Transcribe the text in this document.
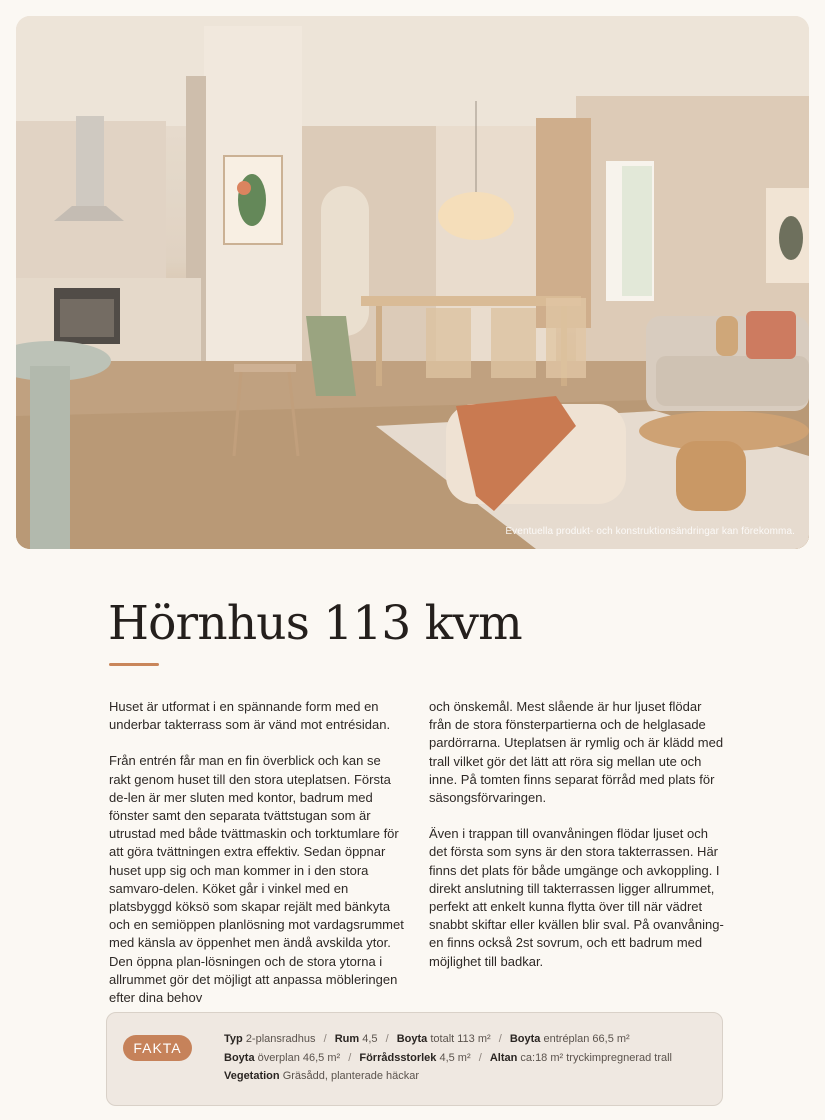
Eventuella produkt- och konstruktionsändringar kan förekomma.
Hörnhus 113 kvm

Huset är utformat i en spännande form med en underbar takterrass som är vänd mot entrésidan.

Från entrén får man en fin överblick och kan se rakt genom huset till den stora uteplatsen. Första de-len är mer sluten med kontor, badrum med fönster samt den separata tvättstugan som är utrustad med både tvättmaskin och torktumlare för att göra tvättningen extra effektiv. Sedan öppnar huset upp sig och man kommer in i den stora samvaro-delen. Köket går i vinkel med en platsbyggd köksö som skapar rejält med bänkyta och en semiöppen planlösning mot vardagsrummet med känsla av öppenhet men ändå avskilda ytor. Den öppna plan-lösningen och de stora ytorna i allrummet gör det möjligt att anpassa möbleringen efter dina behov

och önskemål. Mest slående är hur ljuset flödar från de stora fönsterpartierna och de helglasade pardörrarna. Uteplatsen är rymlig och är klädd med trall vilket gör det lätt att röra sig mellan ute och inne. På tomten finns separat förråd med plats för säsongsförvaringen.

Även i trappan till ovanvåningen flödar ljuset och det första som syns är den stora takterrassen. Här finns det plats för både umgänge och avkoppling. I direkt anslutning till takterrassen ligger allrummet, perfekt att enkelt kunna flytta över till när vädret snabbt skiftar eller kvällen blir sval. På ovanvåning-en finns också 2st sovrum, och ett badrum med möjlighet till badkar.

FAKTA
Typ 2-plansradhus / Rum 4,5 / Boyta totalt 113 m² / Boyta entréplan 66,5 m²
Boyta överplan 46,5 m² / Förrådsstorlek 4,5 m² / Altan ca:18 m² tryckimpregnerad trall
Vegetation Gräsådd, planterade häckar
